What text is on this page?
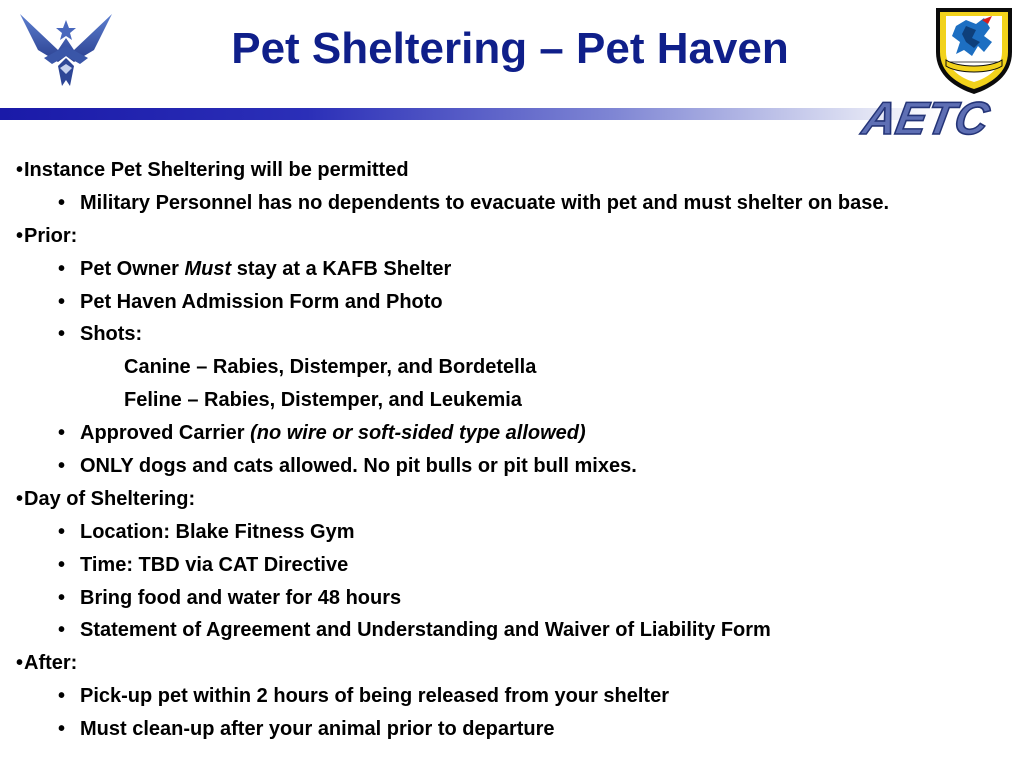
Pet Sheltering – Pet Haven
AETC
•Instance Pet Sheltering will be permitted
• Military Personnel has no dependents to evacuate with pet and must shelter on base.
•Prior:
• Pet Owner Must stay at a KAFB Shelter
• Pet Haven Admission Form and Photo
• Shots:
Canine – Rabies, Distemper, and Bordetella
Feline – Rabies, Distemper, and Leukemia
• Approved Carrier (no wire or soft-sided type allowed)
• ONLY dogs and cats allowed. No pit bulls or pit bull mixes.
•Day of Sheltering:
• Location: Blake Fitness Gym
• Time: TBD via CAT Directive
• Bring food and water for 48 hours
• Statement of Agreement and Understanding and Waiver of Liability Form
•After:
• Pick-up pet within 2 hours of being released from your shelter
• Must clean-up after your animal prior to departure
